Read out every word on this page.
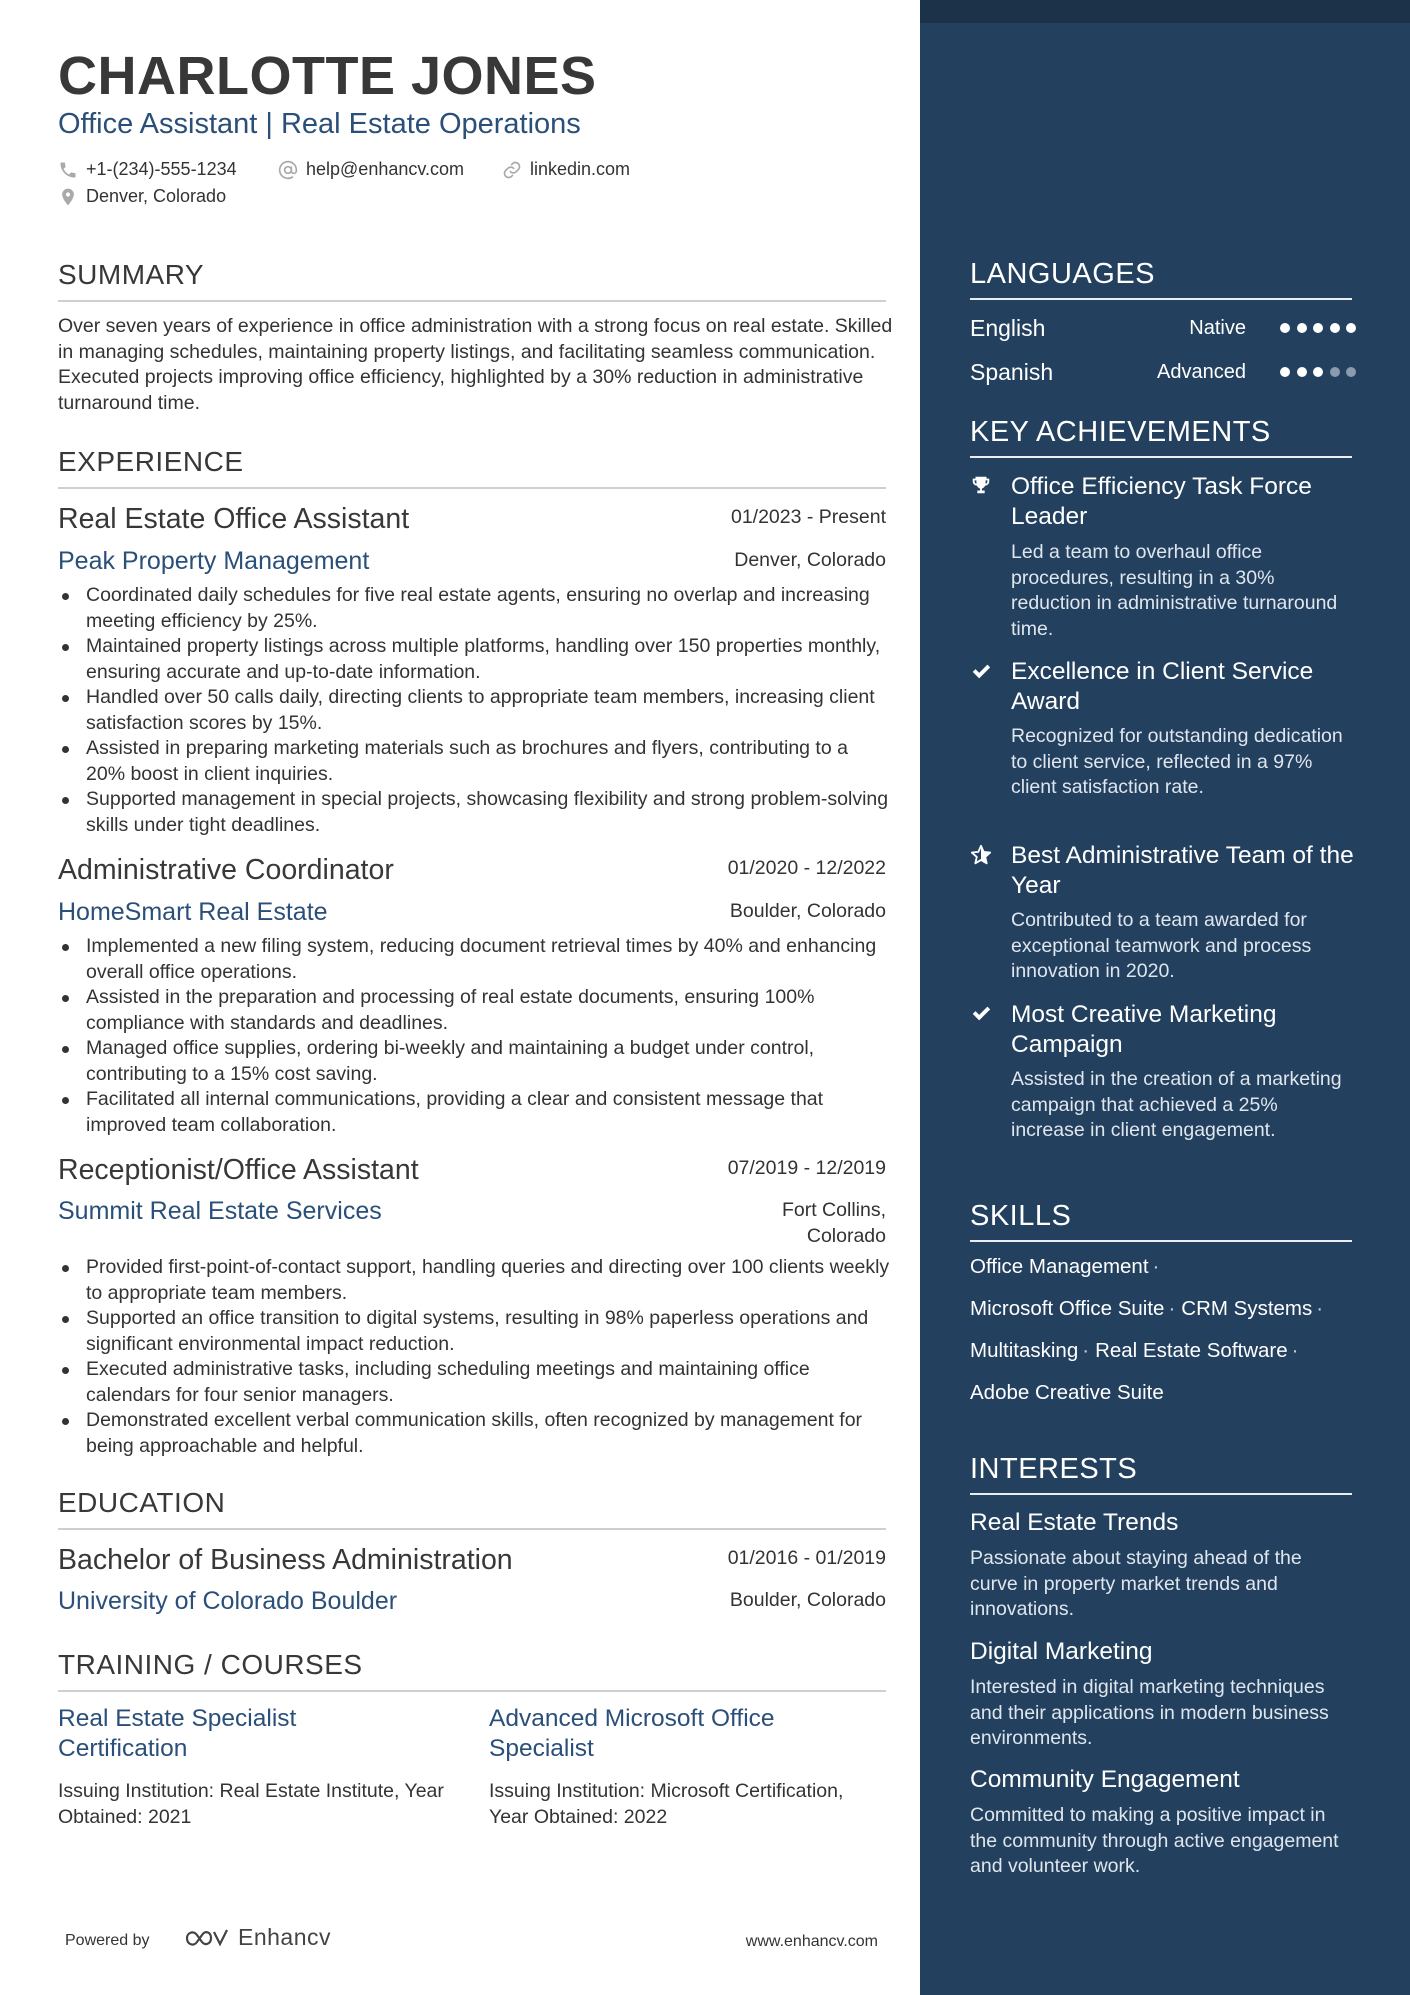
CHARLOTTE JONES
Office Assistant | Real Estate Operations
+1-(234)-555-1234	help@enhancv.com	linkedin.com
Denver, Colorado
SUMMARY
Over seven years of experience in office administration with a strong focus on real estate. Skilled in managing schedules, maintaining property listings, and facilitating seamless communication. Executed projects improving office efficiency, highlighted by a 30% reduction in administrative turnaround time.
EXPERIENCE
Real Estate Office Assistant	01/2023 - Present
Peak Property Management	Denver, Colorado
Coordinated daily schedules for five real estate agents, ensuring no overlap and increasing meeting efficiency by 25%.
Maintained property listings across multiple platforms, handling over 150 properties monthly, ensuring accurate and up-to-date information.
Handled over 50 calls daily, directing clients to appropriate team members, increasing client satisfaction scores by 15%.
Assisted in preparing marketing materials such as brochures and flyers, contributing to a 20% boost in client inquiries.
Supported management in special projects, showcasing flexibility and strong problem-solving skills under tight deadlines.
Administrative Coordinator	01/2020 - 12/2022
HomeSmart Real Estate	Boulder, Colorado
Implemented a new filing system, reducing document retrieval times by 40% and enhancing overall office operations.
Assisted in the preparation and processing of real estate documents, ensuring 100% compliance with standards and deadlines.
Managed office supplies, ordering bi-weekly and maintaining a budget under control, contributing to a 15% cost saving.
Facilitated all internal communications, providing a clear and consistent message that improved team collaboration.
Receptionist/Office Assistant	07/2019 - 12/2019
Summit Real Estate Services	Fort Collins, Colorado
Provided first-point-of-contact support, handling queries and directing over 100 clients weekly to appropriate team members.
Supported an office transition to digital systems, resulting in 98% paperless operations and significant environmental impact reduction.
Executed administrative tasks, including scheduling meetings and maintaining office calendars for four senior managers.
Demonstrated excellent verbal communication skills, often recognized by management for being approachable and helpful.
EDUCATION
Bachelor of Business Administration	01/2016 - 01/2019
University of Colorado Boulder	Boulder, Colorado
TRAINING / COURSES
Real Estate Specialist Certification
Issuing Institution: Real Estate Institute, Year Obtained: 2021
Advanced Microsoft Office Specialist
Issuing Institution: Microsoft Certification, Year Obtained: 2022
Powered by	Enhancv	www.enhancv.com
LANGUAGES
English	Native
Spanish	Advanced
KEY ACHIEVEMENTS
Office Efficiency Task Force Leader
Led a team to overhaul office procedures, resulting in a 30% reduction in administrative turnaround time.
Excellence in Client Service Award
Recognized for outstanding dedication to client service, reflected in a 97% client satisfaction rate.
Best Administrative Team of the Year
Contributed to a team awarded for exceptional teamwork and process innovation in 2020.
Most Creative Marketing Campaign
Assisted in the creation of a marketing campaign that achieved a 25% increase in client engagement.
SKILLS
Office Management ·
Microsoft Office Suite · CRM Systems ·
Multitasking · Real Estate Software ·
Adobe Creative Suite
INTERESTS
Real Estate Trends
Passionate about staying ahead of the curve in property market trends and innovations.
Digital Marketing
Interested in digital marketing techniques and their applications in modern business environments.
Community Engagement
Committed to making a positive impact in the community through active engagement and volunteer work.
